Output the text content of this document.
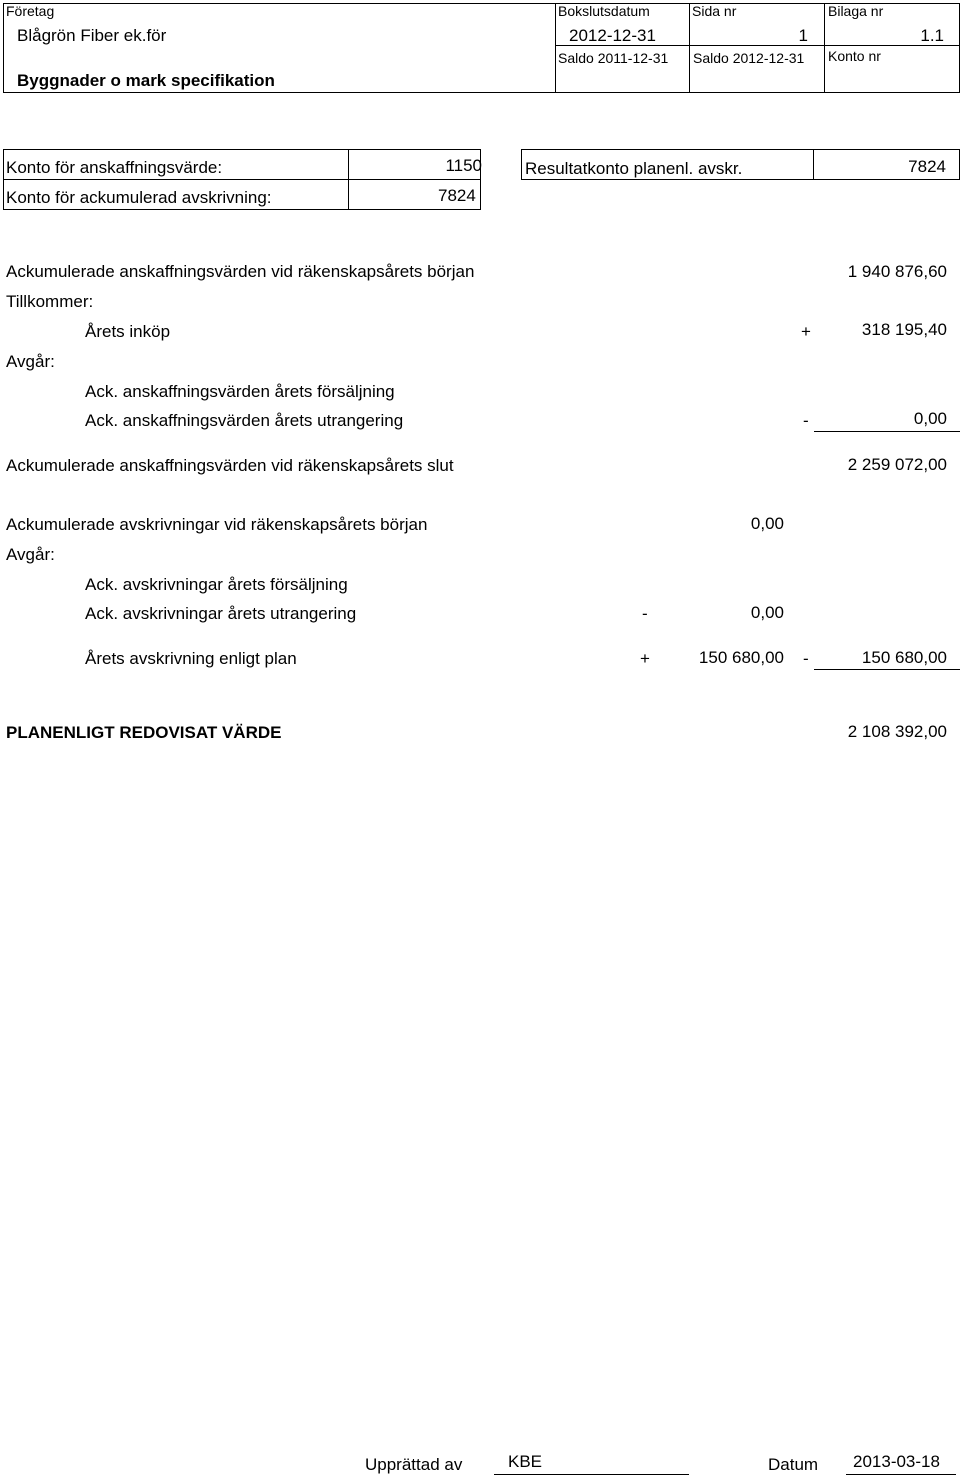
Företag
Blågrön Fiber ek.för
Byggnader o mark specifikation
Bokslutsdatum
2012-12-31
Sida nr
1
Bilaga nr
1.1
Saldo 2011-12-31 Saldo 2012-12-31 Konto nr
Konto för anskaffningsvärde:	1150
Konto för ackumulerad avskrivning:	7824
Resultatkonto planenl. avskr.	7824
Ackumulerade anskaffningsvärden vid räkenskapsårets början	1 940 876,60
Tillkommer:
Årets inköp	+	318 195,40
Avgår:
Ack. anskaffningsvärden årets försäljning
Ack. anskaffningsvärden årets utrangering	-	0,00
Ackumulerade anskaffningsvärden vid räkenskapsårets slut	2 259 072,00
Ackumulerade avskrivningar vid räkenskapsårets början	0,00
Avgår:
Ack. avskrivningar årets försäljning
Ack. avskrivningar årets utrangering	-	0,00
Årets avskrivning enligt plan	+	150 680,00 -	150 680,00
PLANENLIGT REDOVISAT VÄRDE	2 108 392,00
Upprättad av	KBE	Datum 2013-03-18
